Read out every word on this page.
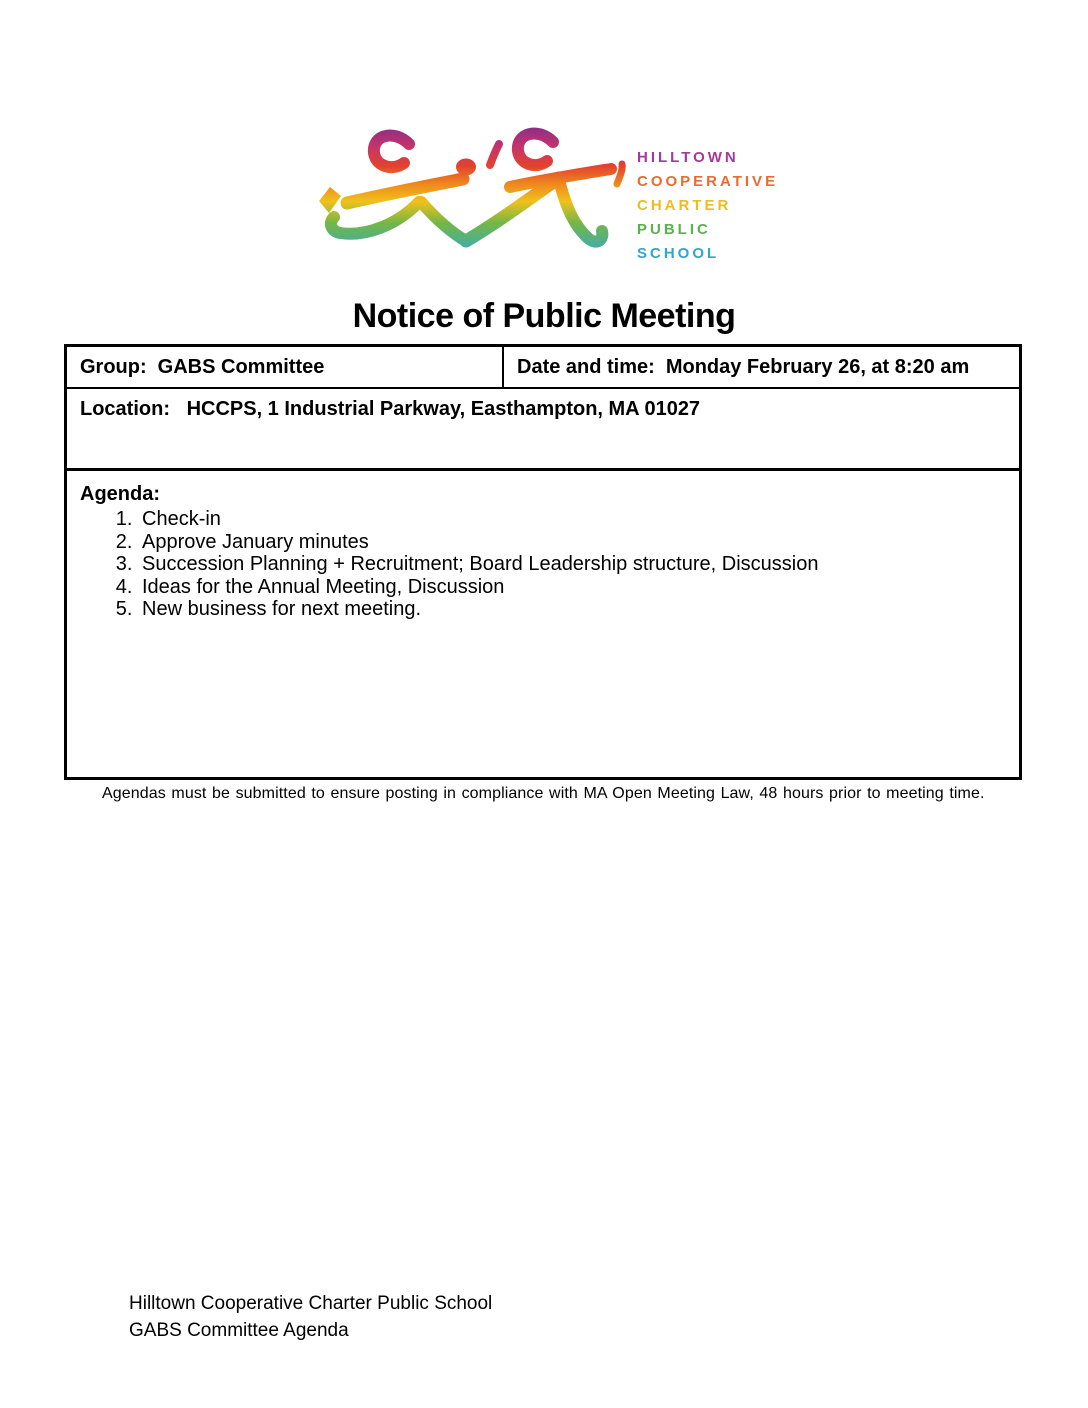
HILLTOWN
COOPERATIVE
CHARTER
PUBLIC
SCHOOL
Notice of Public Meeting
Group: GABS Committee	Date and time: Monday February 26, at 8:20 am
Location: HCCPS, 1 Industrial Parkway, Easthampton, MA 01027
Agenda:
1. Check-in
2. Approve January minutes
3. Succession Planning + Recruitment; Board Leadership structure, Discussion
4. Ideas for the Annual Meeting, Discussion
5. New business for next meeting.
Agendas must be submitted to ensure posting in compliance with MA Open Meeting Law, 48 hours prior to meeting time.
Hilltown Cooperative Charter Public School
GABS Committee Agenda
